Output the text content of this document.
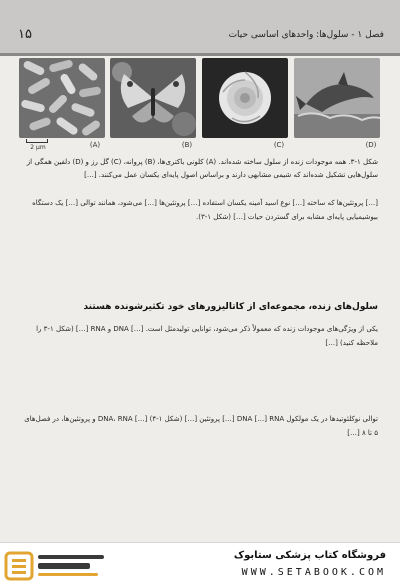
۱۵	فصل ۱ - سلول‌ها: واحدهای اساسی حیات
2 μm	(A)	(B)	(C)	(D)
شکل ۱-۳. همه موجودات زنده از سلول ساخته شده‌اند. (A) کلونی باکتری‌ها، (B) پروانه، (C) گل رز و (D) دلفین همگی از سلول‌هایی تشکیل شده‌اند که شیمی مشابهی دارند و براساس اصول پایه‌ای یکسان عمل می‌کنند. […]
[…] پروتئین‌ها که ساخته […] نوع اسید آمینه یکسان استفاده […] پروتئین‌ها […] می‌شود، همانند توالی […] یک دستگاه بیوشیمیایی پایه‌ای مشابه برای گستردن حیات […] (شکل ۱-۳).
سلول‌های زنده، مجموعه‌ای از کاتالیزورهای خود تکثیرشونده هستند
یکی از ویژگی‌های موجودات زنده که معمولاً ذکر می‌شود، توانایی تولیدمثل است. […] DNA و RNA […] (شکل ۱-۳ را ملاحظه کنید) […]
توالی نوکلئوتیدها در یک مولکول DNA […] RNA […] پروتئین […] (شکل ۱-۴) […] DNA، RNA و پروتئین‌ها، در فصل‌های ۵ تا ۸ […]
فروشگاه کتاب پزشکی ستابوک
WWW.SETABOOK.COM
